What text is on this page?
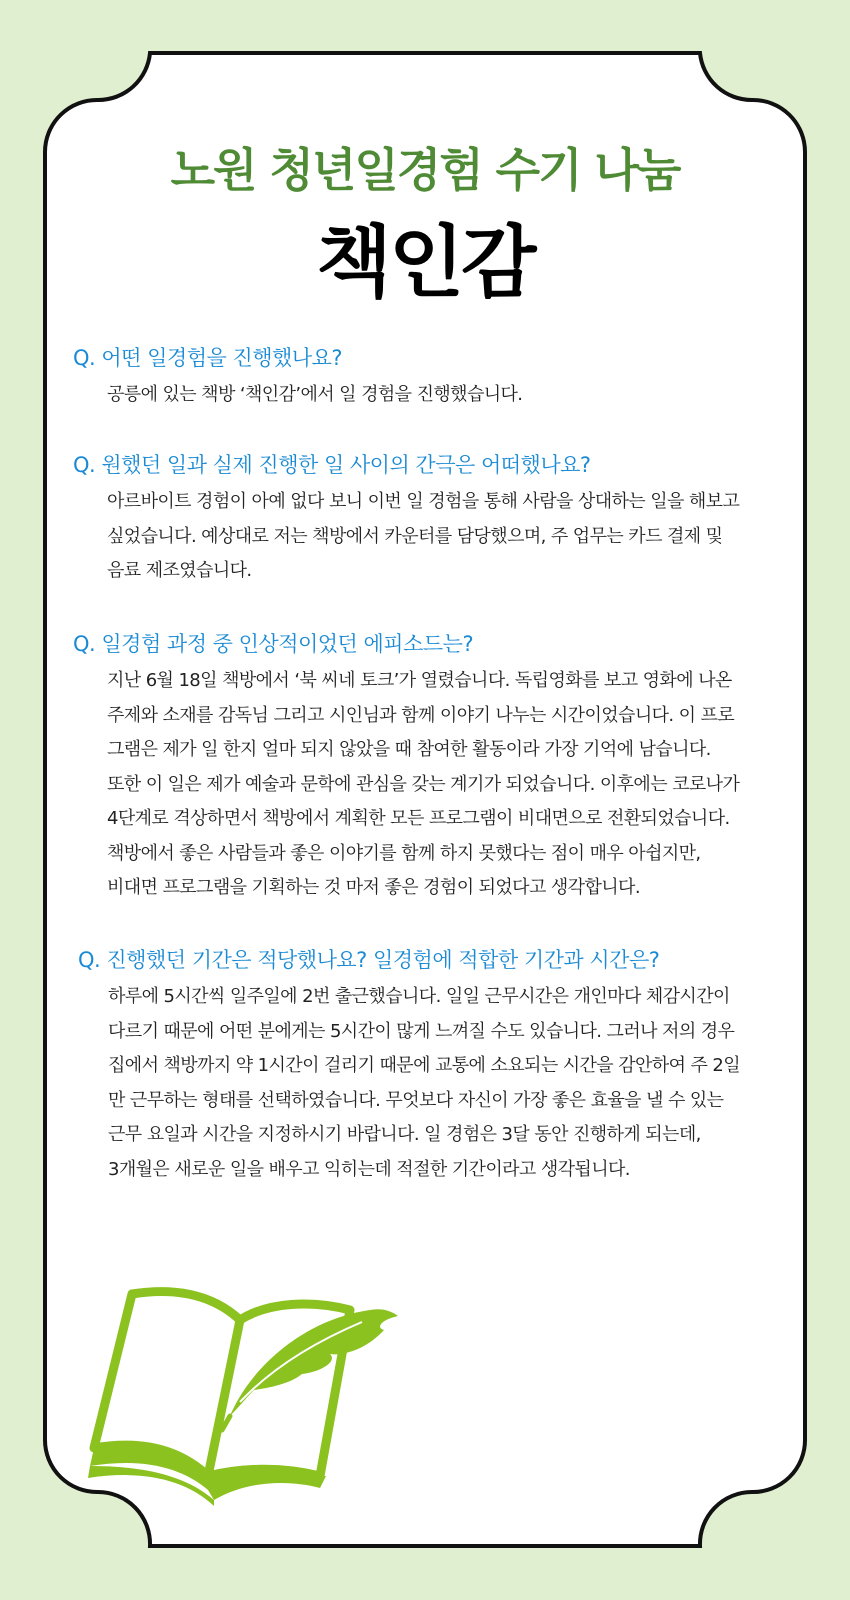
노원 청년일경험 수기 나눔
책인감
Q. 어떤 일경험을 진행했나요?
공릉에 있는 책방 ‘책인감’에서 일 경험을 진행했습니다.
Q. 원했던 일과 실제 진행한 일 사이의 간극은 어떠했나요?
아르바이트 경험이 아예 없다 보니 이번 일 경험을 통해 사람을 상대하는 일을 해보고
싶었습니다. 예상대로 저는 책방에서 카운터를 담당했으며, 주 업무는 카드 결제 및
음료 제조였습니다.
Q. 일경험 과정 중 인상적이었던 에피소드는?
지난 6월 18일 책방에서 ‘북 씨네 토크’가 열렸습니다. 독립영화를 보고 영화에 나온
주제와 소재를 감독님 그리고 시인님과 함께 이야기 나누는 시간이었습니다. 이 프로
그램은 제가 일 한지 얼마 되지 않았을 때 참여한 활동이라 가장 기억에 남습니다.
또한 이 일은 제가 예술과 문학에 관심을 갖는 계기가 되었습니다. 이후에는 코로나가
4단계로 격상하면서 책방에서 계획한 모든 프로그램이 비대면으로 전환되었습니다.
책방에서 좋은 사람들과 좋은 이야기를 함께 하지 못했다는 점이 매우 아쉽지만,
비대면 프로그램을 기획하는 것 마저 좋은 경험이 되었다고 생각합니다.
Q. 진행했던 기간은 적당했나요? 일경험에 적합한 기간과 시간은?
하루에 5시간씩 일주일에 2번 출근했습니다. 일일 근무시간은 개인마다 체감시간이
다르기 때문에 어떤 분에게는 5시간이 많게 느껴질 수도 있습니다. 그러나 저의 경우
집에서 책방까지 약 1시간이 걸리기 때문에 교통에 소요되는 시간을 감안하여 주 2일
만 근무하는 형태를 선택하였습니다. 무엇보다 자신이 가장 좋은 효율을 낼 수 있는
근무 요일과 시간을 지정하시기 바랍니다. 일 경험은 3달 동안 진행하게 되는데,
3개월은 새로운 일을 배우고 익히는데 적절한 기간이라고 생각됩니다.
